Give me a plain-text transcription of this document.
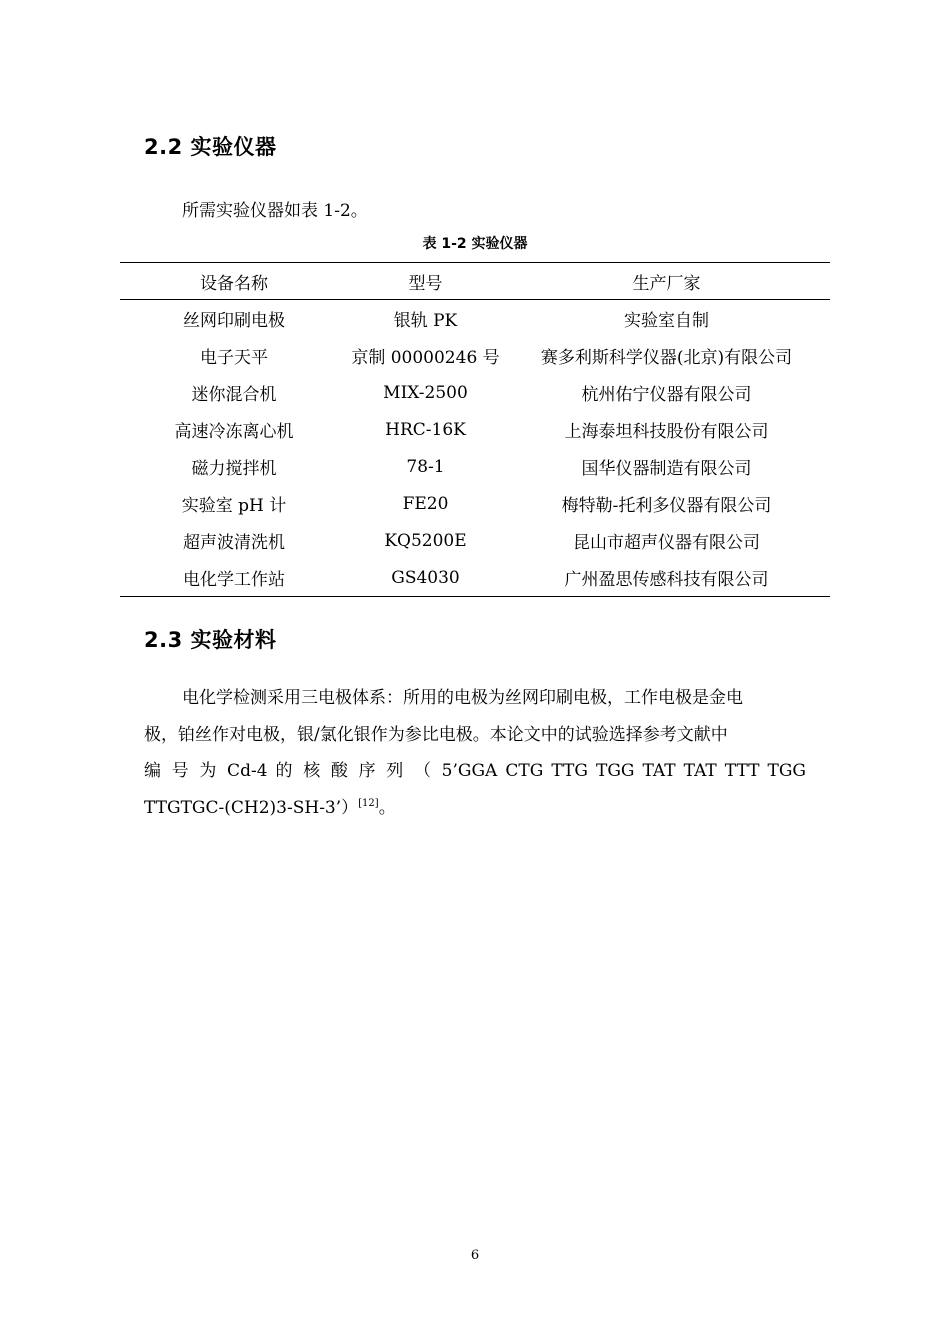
2.2 实验仪器
所需实验仪器如表 1-2。
表 1-2 实验仪器
设备名称	型号	生产厂家
丝网印刷电极	银轨 PK	实验室自制
电子天平	京制 00000246 号	赛多利斯科学仪器(北京)有限公司
迷你混合机	MIX-2500	杭州佑宁仪器有限公司
高速冷冻离心机	HRC-16K	上海泰坦科技股份有限公司
磁力搅拌机	78-1	国华仪器制造有限公司
实验室 pH 计	FE20	梅特勒-托利多仪器有限公司
超声波清洗机	KQ5200E	昆山市超声仪器有限公司
电化学工作站	GS4030	广州盈思传感科技有限公司
2.3 实验材料
电化学检测采用三电极体系：所用的电极为丝网印刷电极，工作电极是金电
极，铂丝作对电极，银/氯化银作为参比电极。本论文中的试验选择参考文献中
编 号 为 Cd-4 的 核 酸 序 列 （ 5’GGA CTG TTG TGG TAT TAT TTT TGG
TTGTGC-(CH2)3-SH-3’）[12]。
6
